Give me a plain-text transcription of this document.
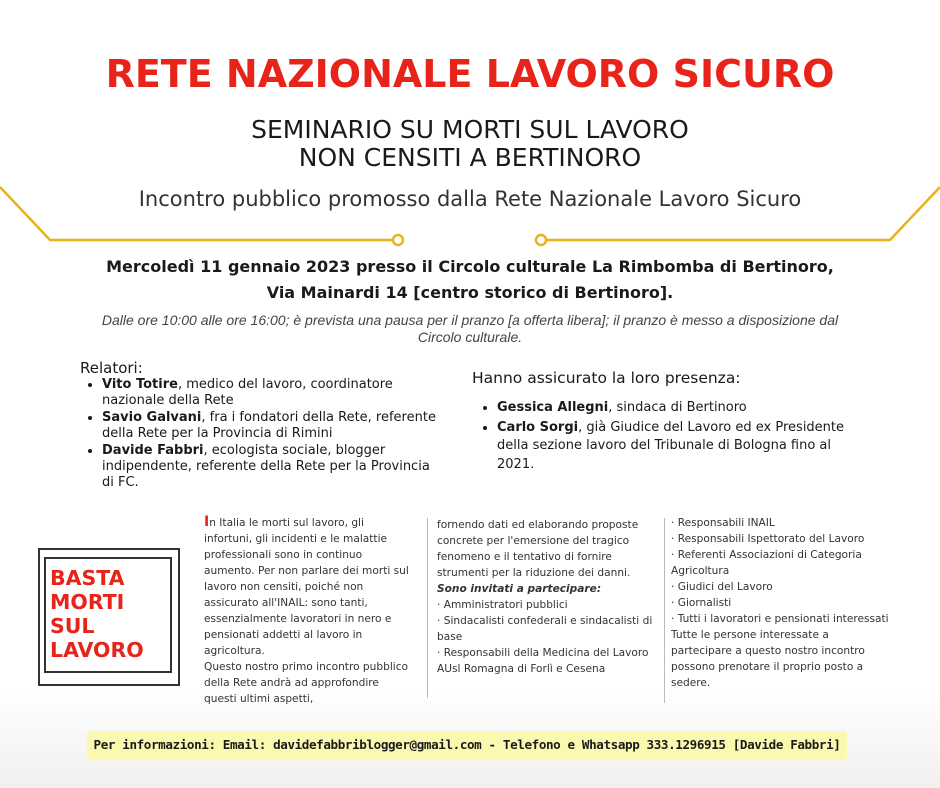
RETE NAZIONALE LAVORO SICURO
SEMINARIO SU MORTI SUL LAVORO
NON CENSITI A BERTINORO
Incontro pubblico promosso dalla Rete Nazionale Lavoro Sicuro
Mercoledì 11 gennaio 2023 presso il Circolo culturale La Rimbomba di Bertinoro,
Via Mainardi 14 [centro storico di Bertinoro].
Dalle ore 10:00 alle ore 16:00; è prevista una pausa per il pranzo [a offerta libera]; il pranzo è messo a disposizione dal Circolo culturale.
Relatori:
• Vito Totire, medico del lavoro, coordinatore nazionale della Rete
• Savio Galvani, fra i fondatori della Rete, referente della Rete per la Provincia di Rimini
• Davide Fabbri, ecologista sociale, blogger indipendente, referente della Rete per la Provincia di FC.
Hanno assicurato la loro presenza:
• Gessica Allegni, sindaca di Bertinoro
• Carlo Sorgi, già Giudice del Lavoro ed ex Presidente della sezione lavoro del Tribunale di Bologna fino al 2021.
BASTA
MORTI
SUL
LAVORO

In Italia le morti sul lavoro, gli infortuni, gli incidenti e le malattie professionali sono in continuo aumento. Per non parlare dei morti sul lavoro non censiti, poiché non assicurato all'INAIL: sono tanti, essenzialmente lavoratori in nero e pensionati addetti al lavoro in agricoltura.

Questo nostro primo incontro pubblico della Rete andrà ad approfondire questi ultimi aspetti,

fornendo dati ed elaborando proposte concrete per l'emersione del tragico fenomeno e il tentativo di fornire strumenti per la riduzione dei danni.

Sono invitati a partecipare:

· Amministratori pubblici

· Sindacalisti confederali e sindacalisti di base

· Responsabili della Medicina del Lavoro AUsl Romagna di Forlì e Cesena

· Responsabili INAIL

· Responsabili Ispettorato del Lavoro

· Referenti Associazioni di Categoria Agricoltura

· Giudici del Lavoro

· Giornalisti

· Tutti i lavoratori e pensionati interessati

Tutte le persone interessate a partecipare a questo nostro incontro possono prenotare il proprio posto a sedere.

Per informazioni: Email: davidefabbriblogger@gmail.com - Telefono e Whatsapp 333.1296915 [Davide Fabbri]
